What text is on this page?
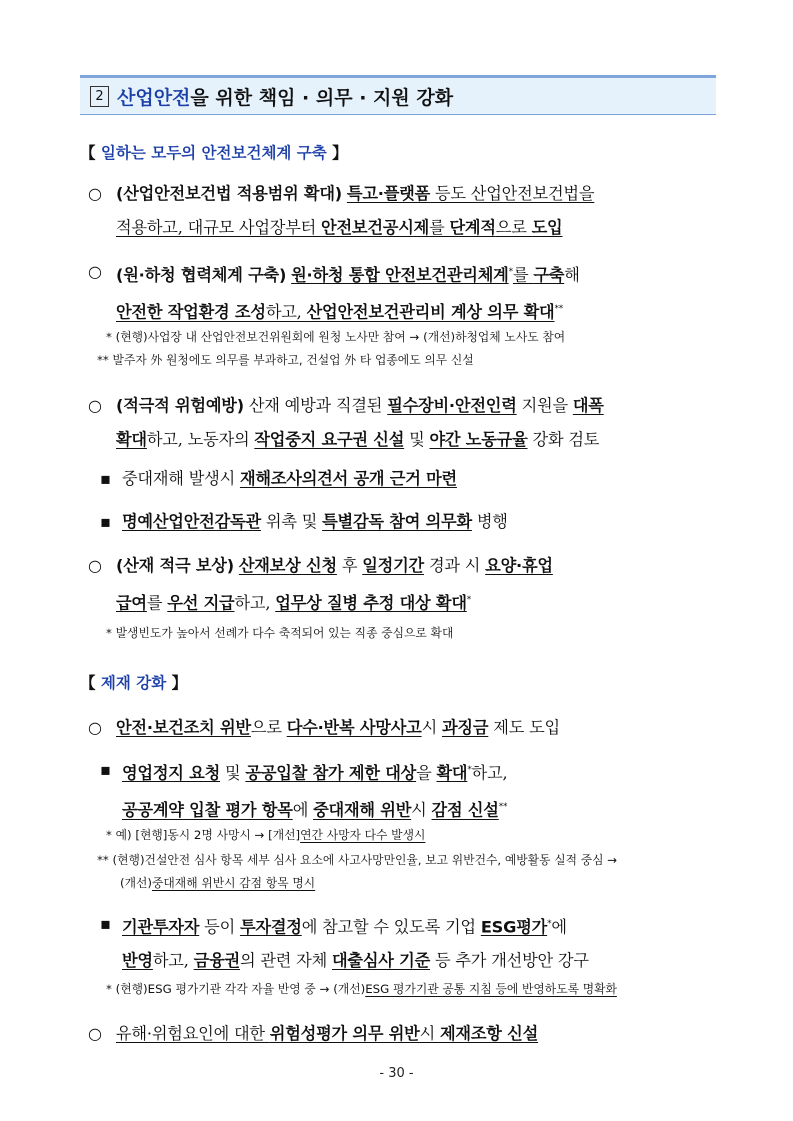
2 산업안전 을 위한 책임 · 의무 · 지원 강화
【 일하는 모두의 안전보건체계 구축 】
○ (산업안전보건법 적용범위 확대) 특고·플랫폼 등도 산업안전보건법을
적용하고, 대규모 사업장부터 안전보건공시제를 단계적으로 도입
○ (원·하청 협력체계 구축) 원·하청 통합 안전보건관리체계*를 구축해
안전한 작업환경 조성하고, 산업안전보건관리비 계상 의무 확대**
* (현행)사업장 내 산업안전보건위원회에 원청 노사만 참여 → (개선)하청업체 노사도 참여
** 발주자 外 원청에도 의무를 부과하고, 건설업 外 타 업종에도 의무 신설
○ (적극적 위험예방) 산재 예방과 직결된 필수장비·안전인력 지원을 대폭
확대하고, 노동자의 작업중지 요구권 신설 및 야간 노동규율 강화 검토
▪ 중대재해 발생시 재해조사의견서 공개 근거 마련
▪ 명예산업안전감독관 위촉 및 특별감독 참여 의무화 병행
○ (산재 적극 보상) 산재보상 신청 후 일정기간 경과 시 요양·휴업
급여를 우선 지급하고, 업무상 질병 추정 대상 확대*
* 발생빈도가 높아서 선례가 다수 축적되어 있는 직종 중심으로 확대
【 제재 강화 】
○ 안전·보건조치 위반으로 다수·반복 사망사고시 과징금 제도 도입
▪ 영업정지 요청 및 공공입찰 참가 제한 대상을 확대*하고,
공공계약 입찰 평가 항목에 중대재해 위반시 감점 신설**
* 예) [현행]동시 2명 사망시 → [개선]연간 사망자 다수 발생시
** (현행)건설안전 심사 항목 세부 심사 요소에 사고사망만인율, 보고 위반건수, 예방활동 실적 중심 →
(개선)중대재해 위반시 감점 항목 명시
▪ 기관투자자 등이 투자결정에 참고할 수 있도록 기업 ESG평가*에
반영하고, 금융권의 관련 자체 대출심사 기준 등 추가 개선방안 강구
* (현행)ESG 평가기관 각각 자율 반영 중 → (개선)ESG 평가기관 공통 지침 등에 반영하도록 명확화
○ 유해·위험요인에 대한 위험성평가 의무 위반시 제재조항 신설
- 30 -
